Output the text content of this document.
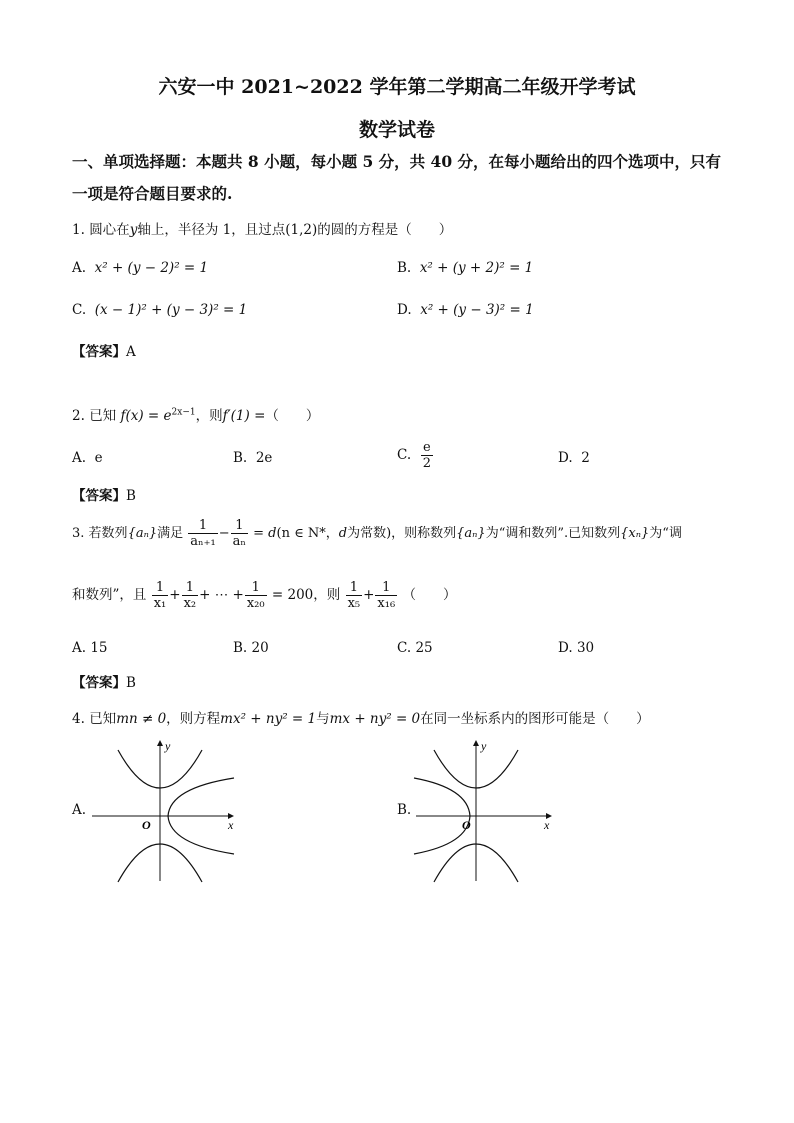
六安一中 2021~2022 学年第二学期高二年级开学考试
数学试卷
一、单项选择题：本题共 8 小题，每小题 5 分，共 40 分，在每小题给出的四个选项中，只有
一项是符合题目要求的.
1. 圆心在y轴上，半径为 1，且过点(1,2)的圆的方程是（　　）
A. x² + (y − 2)² = 1	B. x² + (y + 2)² = 1
C. (x − 1)² + (y − 3)² = 1	D. x² + (y − 3)² = 1
【答案】A
2. 已知 $f(x) = e^{2x-1}$，则f′(1) =（　　）
A. e	B. 2e	C. $\frac{e}{2}$	D. 2
【答案】B
3. 若数列{aₙ}满足 $\frac{1}{\text{aₙ₊₁}} - \frac{1}{\text{aₙ}} = d(n$ ∈ N*，d为常数)，则称数列{aₙ}为“调和数列”.已知数列{xₙ}为“调
和数列”，且 $\frac{1}{\text{x₁}} + \frac{1}{\text{x₂}}$ + ⋯ + $\frac{1}{\text{x₂₀}} = 200$，则 $\frac{1}{\text{x₅}} + \frac{1}{\text{x₁₆}}$ （　　）
A. 15	B. 20	C. 25	D. 30
【答案】B
4. 已知mn ≠ 0，则方程mx² + ny² = 1与mx + ny² = 0在同一坐标系内的图形可能是（　　）
A.	B.
x
y
O	x
y
O
